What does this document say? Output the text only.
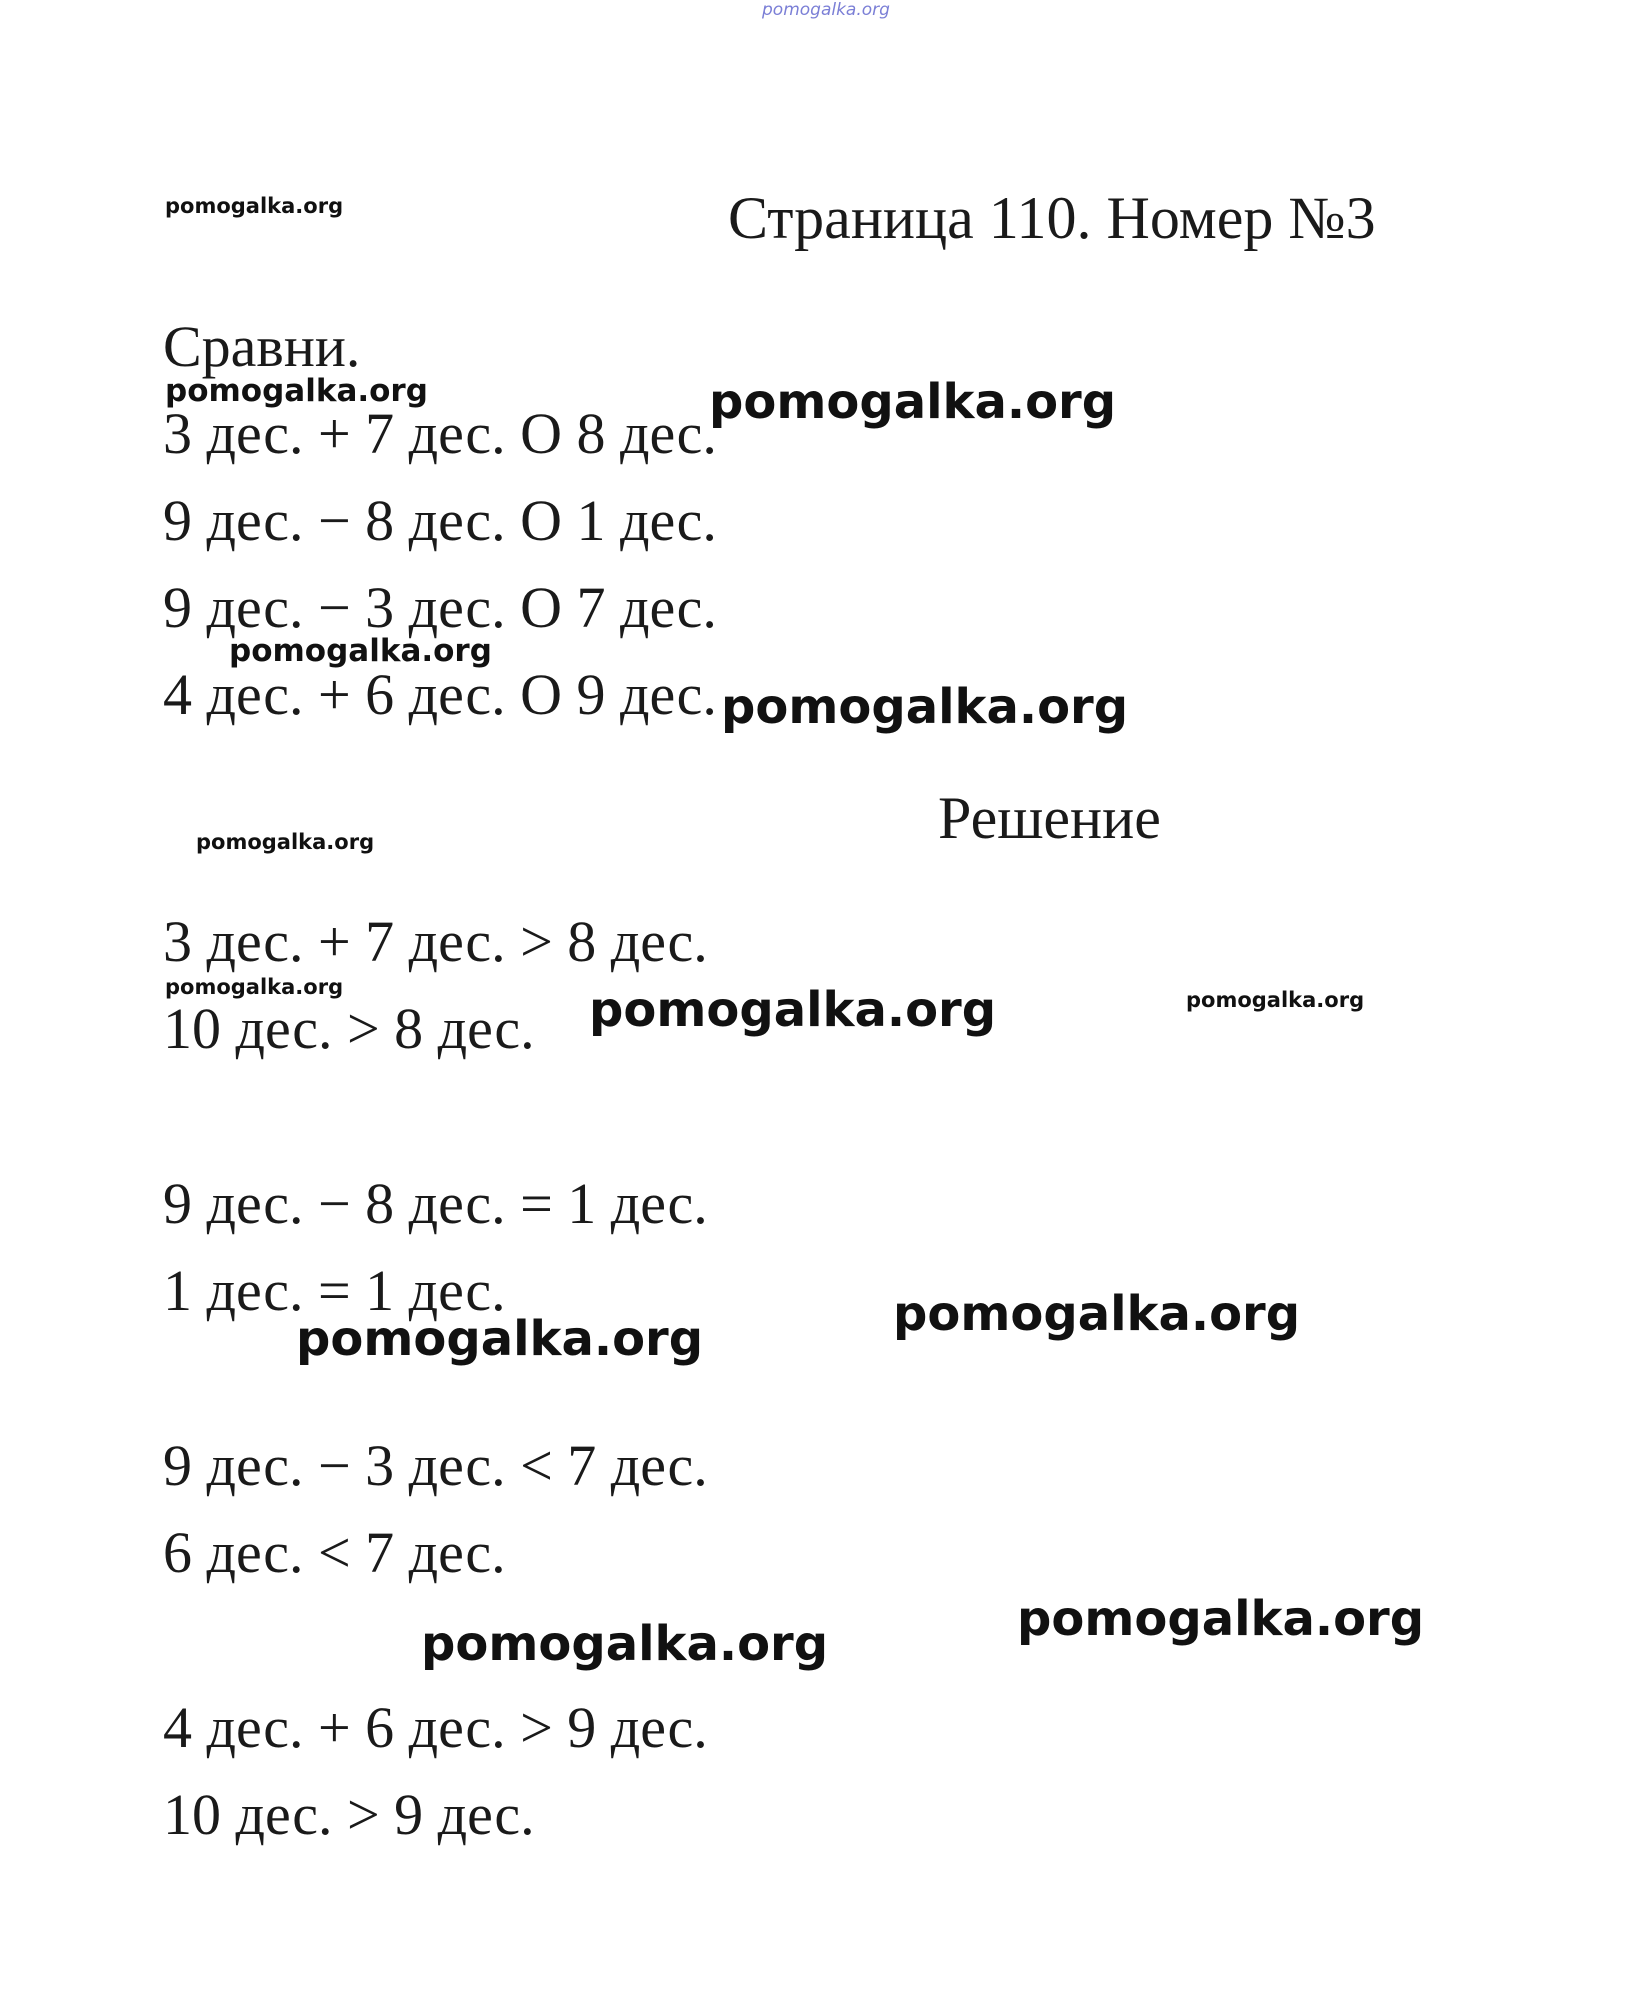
pomogalka.org
pomogalka.org	Страница 110. Номер №3
Сравни.
pomogalka.org
3 дес. + 7 дес. О 8 дес.
pomogalka.org
9 дес. − 8 дес. О 1 дес.
9 дес. − 3 дес. О 7 дес.
pomogalka.org
4 дес. + 6 дес. О 9 дес. pomogalka.org
Решение
pomogalka.org
3 дес. + 7 дес. > 8 дес.
pomogalka.org
10 дес. > 8 дес. pomogalka.org	pomogalka.org
9 дес. − 8 дес. = 1 дес.
1 дес. = 1 дес.	pomogalka.org
pomogalka.org
9 дес. − 3 дес. < 7 дес.
6 дес. < 7 дес.
pomogalka.org
pomogalka.org
4 дес. + 6 дес. > 9 дес.
10 дес. > 9 дес.
